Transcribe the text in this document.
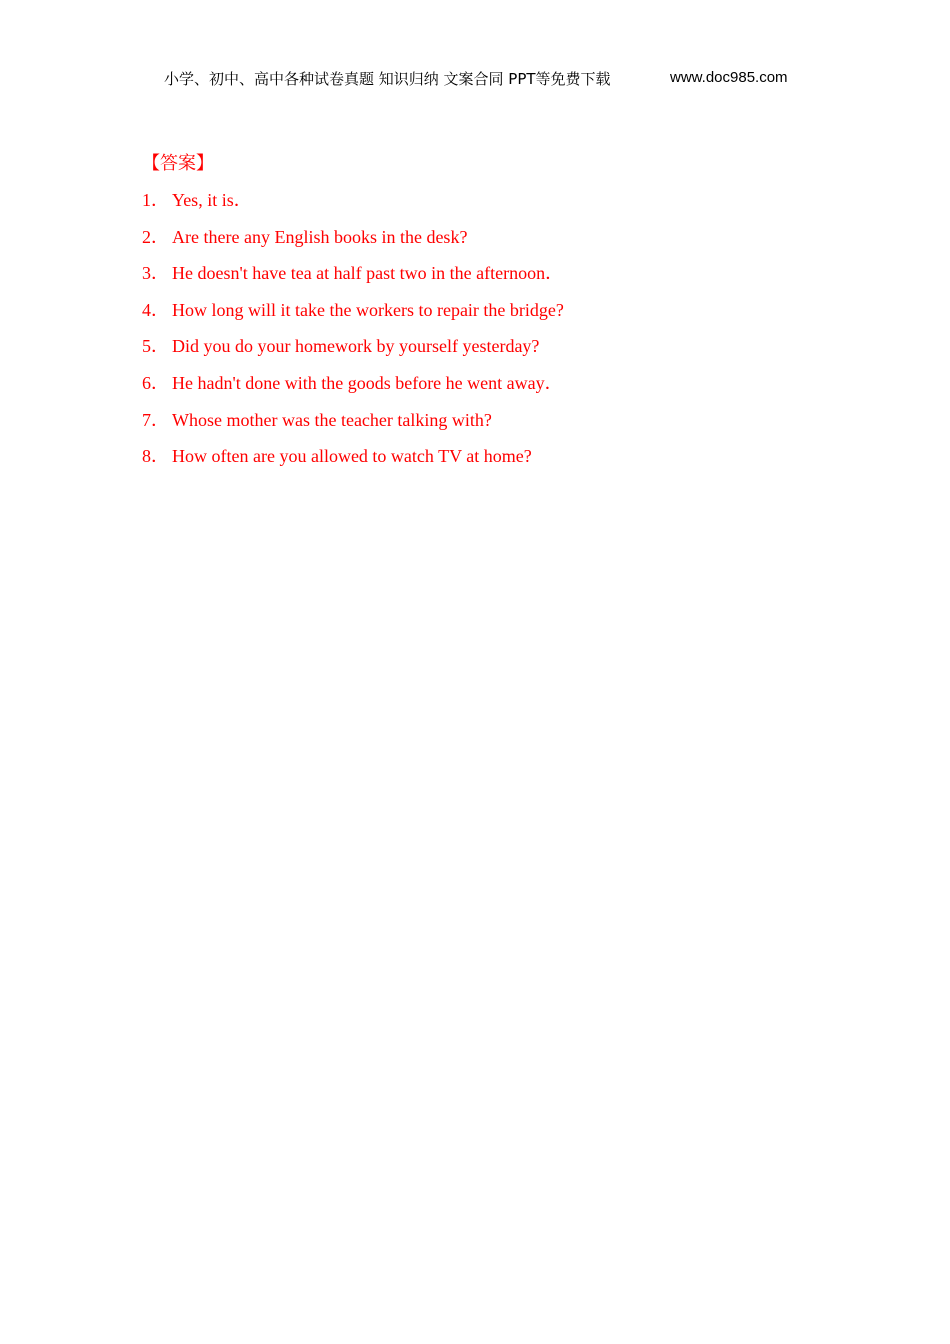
小学、初中、高中各种试卷真题 知识归纳 文案合同 PPT等免费下载	www.doc985.com
【答案】
1． Yes, it is．
2． Are there any English books in the desk?
3． He doesn't have tea at half past two in the afternoon．
4． How long will it take the workers to repair the bridge?
5． Did you do your homework by yourself yesterday?
6． He hadn't done with the goods before he went away．
7． Whose mother was the teacher talking with?
8． How often are you allowed to watch TV at home?
